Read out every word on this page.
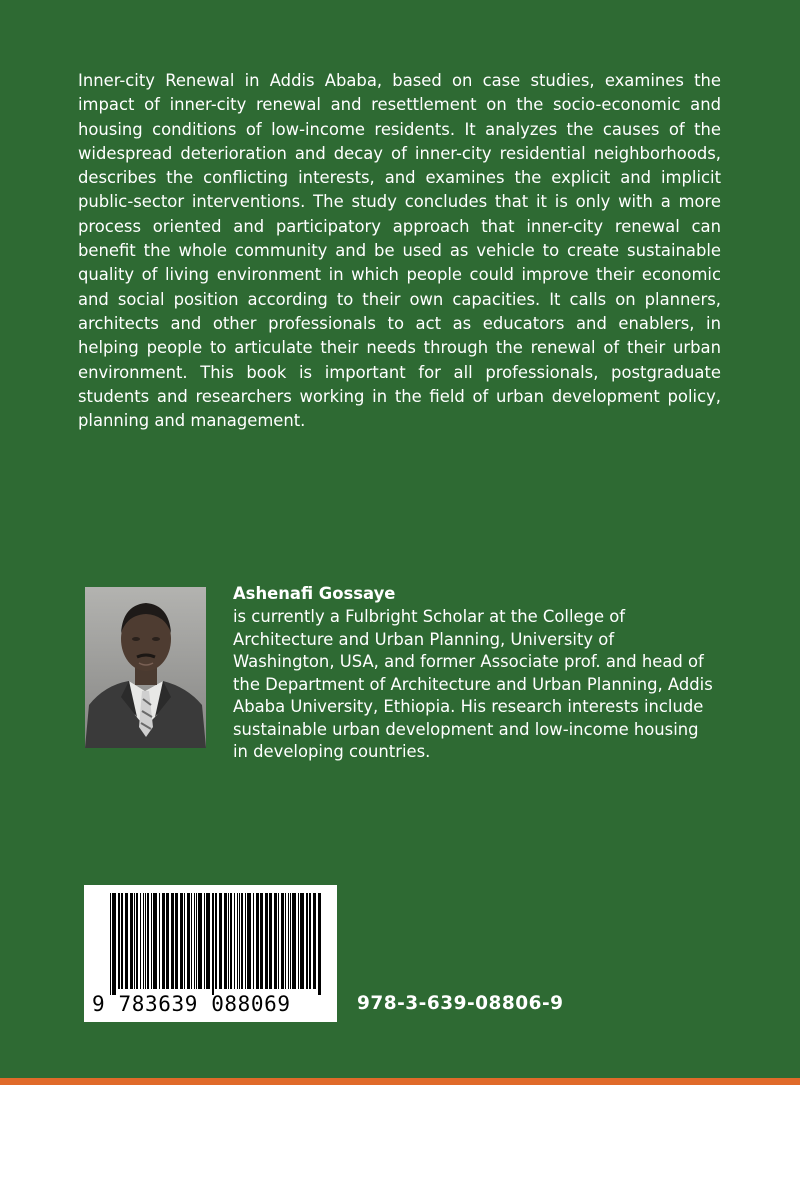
Inner-city Renewal in Addis Ababa, based on case studies, examines the impact of inner-city renewal and resettlement on the socio-economic and housing conditions of low-income residents. It analyzes the causes of the widespread deterioration and decay of inner-city residential neighborhoods, describes the conflicting interests, and examines the explicit and implicit public-sector interventions. The study concludes that it is only with a more process oriented and participatory approach that inner-city renewal can benefit the whole community and be used as vehicle to create sustainable quality of living environment in which people could improve their economic and social position according to their own capacities. It calls on planners, architects and other professionals to act as educators and enablers, in helping people to articulate their needs through the renewal of their urban environment. This book is important for all professionals, postgraduate students and researchers working in the field of urban development policy, planning and management.

Ashenafi Gossaye

is currently a Fulbright Scholar at the College of Architecture and Urban Planning, University of Washington, USA, and former Associate prof. and head of the Department of Architecture and Urban Planning, Addis Ababa University, Ethiopia. His research interests include sustainable urban development and low-income housing in developing countries.

9 783639 088069	978-3-639-08806-9
